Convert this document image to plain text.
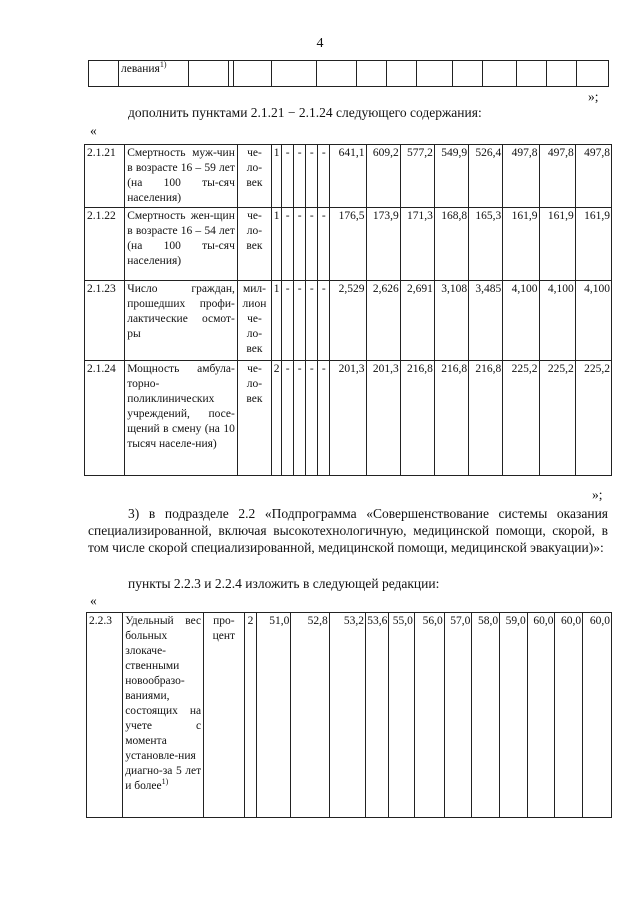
4
	левания$^{1)}$													
»;
дополнить пунктами 2.1.21 − 2.1.24 следующего содержания:
«
2.1.21	Смертность муж-чин в возрасте 16 – 59 лет (на 100 ты-сяч населения)	че-ло-век	1	-	-	-	-	641,1	609,2	577,2	549,9	526,4	497,8	497,8	497,8
2.1.22	Смертность жен-щин в возрасте 16 – 54 лет (на 100 ты-сяч населения)	че-ло-век	1	-	-	-	-	176,5	173,9	171,3	168,8	165,3	161,9	161,9	161,9
2.1.23	Число граждан, прошедших профи-лактические осмот-ры	мил-лион че-ло-век	1	-	-	-	-	2,529	2,626	2,691	3,108	3,485	4,100	4,100	4,100
2.1.24	Мощность амбула-торно-поликлинических учреждений, посе-щений в смену (на 10 тысяч населе-ния)	че-ло-век	2	-	-	-	-	201,3	201,3	216,8	216,8	216,8	225,2	225,2	225,2
»;
3) в подразделе 2.2 «Подпрограмма «Совершенствование системы оказания специализированной, включая высокотехнологичную, медицинской помощи, скорой, в том числе скорой специализированной, медицинской помощи, медицинской эвакуации)»:
пункты 2.2.3 и 2.2.4 изложить в следующей редакции:
«
2.2.3	Удельный вес больных злокаче-ственными новообразо-ваниями, состоящих на учете с момента установле-ния диагно-за 5 лет и более$^{1)}$	про-цент	2	51,0	52,8	53,2	53,6	55,0	56,0	57,0	58,0	59,0	60,0	60,0	60,0
